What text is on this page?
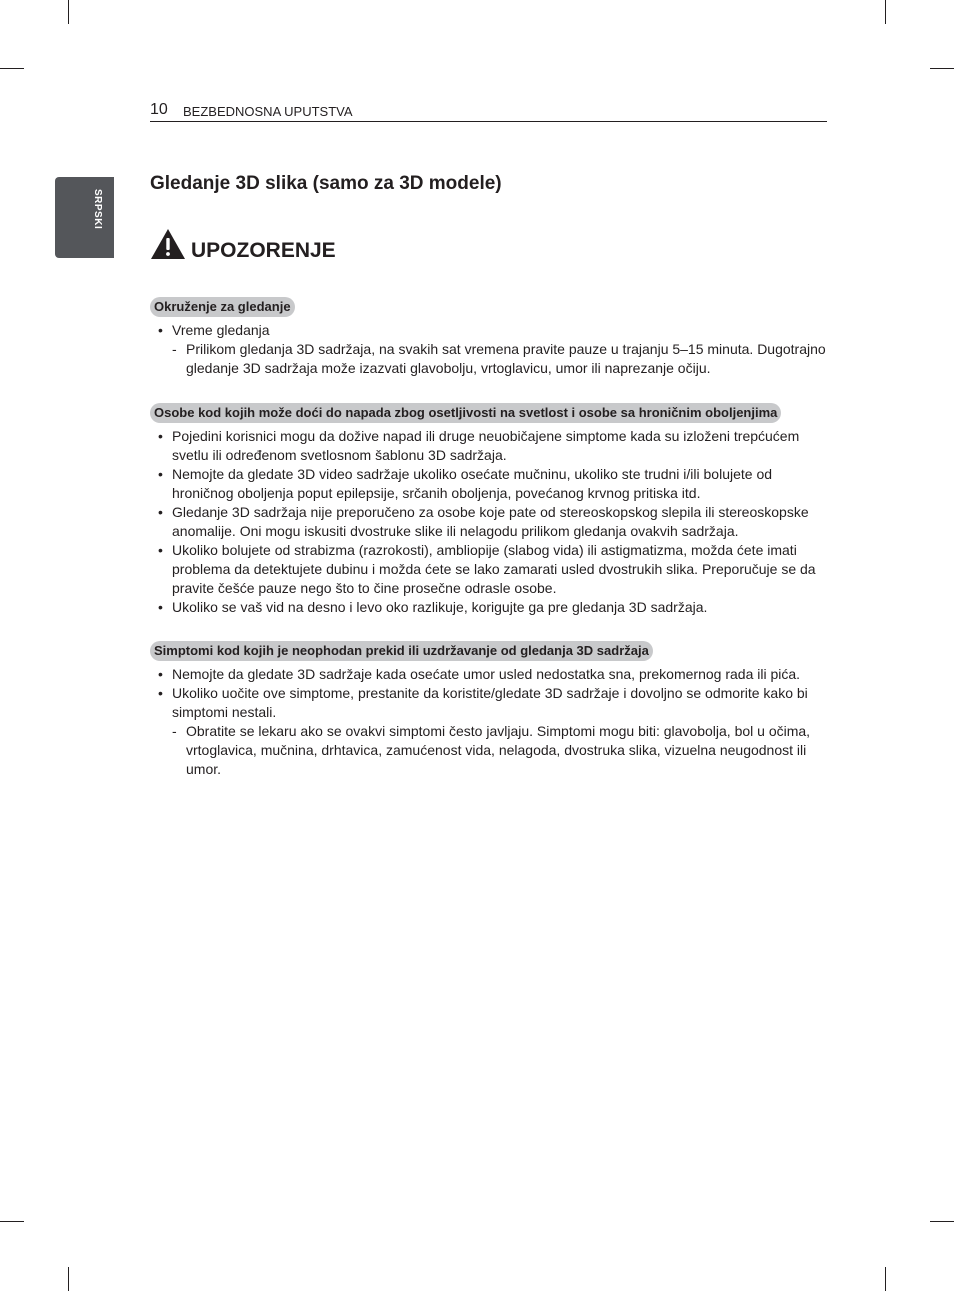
10 BEZBEDNOSNA UPUTSTVA
SRPSKI
Gledanje 3D slika (samo za 3D modele)
UPOZORENJE
Okruženje za gledanje
• Vreme gledanja
- Prilikom gledanja 3D sadržaja, na svakih sat vremena pravite pauze u trajanju 5–15 minuta. Dugotrajno gledanje 3D sadržaja može izazvati glavobolju, vrtoglavicu, umor ili naprezanje očiju.
Osobe kod kojih može doći do napada zbog osetljivosti na svetlost i osobe sa hroničnim oboljenjima
• Pojedini korisnici mogu da dožive napad ili druge neuobičajene simptome kada su izloženi trepćućem svetlu ili određenom svetlosnom šablonu 3D sadržaja.
• Nemojte da gledate 3D video sadržaje ukoliko osećate mučninu, ukoliko ste trudni i/ili bolujete od hroničnog oboljenja poput epilepsije, srčanih oboljenja, povećanog krvnog pritiska itd.
• Gledanje 3D sadržaja nije preporučeno za osobe koje pate od stereoskopskog slepila ili stereoskopske anomalije. Oni mogu iskusiti dvostruke slike ili nelagodu prilikom gledanja ovakvih sadržaja.
• Ukoliko bolujete od strabizma (razrokosti), ambliopije (slabog vida) ili astigmatizma, možda ćete imati problema da detektujete dubinu i možda ćete se lako zamarati usled dvostrukih slika. Preporučuje se da pravite češće pauze nego što to čine prosečne odrasle osobe.
• Ukoliko se vaš vid na desno i levo oko razlikuje, korigujte ga pre gledanja 3D sadržaja.
Simptomi kod kojih je neophodan prekid ili uzdržavanje od gledanja 3D sadržaja
• Nemojte da gledate 3D sadržaje kada osećate umor usled nedostatka sna, prekomernog rada ili pića.
• Ukoliko uočite ove simptome, prestanite da koristite/gledate 3D sadržaje i dovoljno se odmorite kako bi simptomi nestali.
- Obratite se lekaru ako se ovakvi simptomi često javljaju. Simptomi mogu biti: glavobolja, bol u očima, vrtoglavica, mučnina, drhtavica, zamućenost vida, nelagoda, dvostruka slika, vizuelna neugodnost ili umor.
